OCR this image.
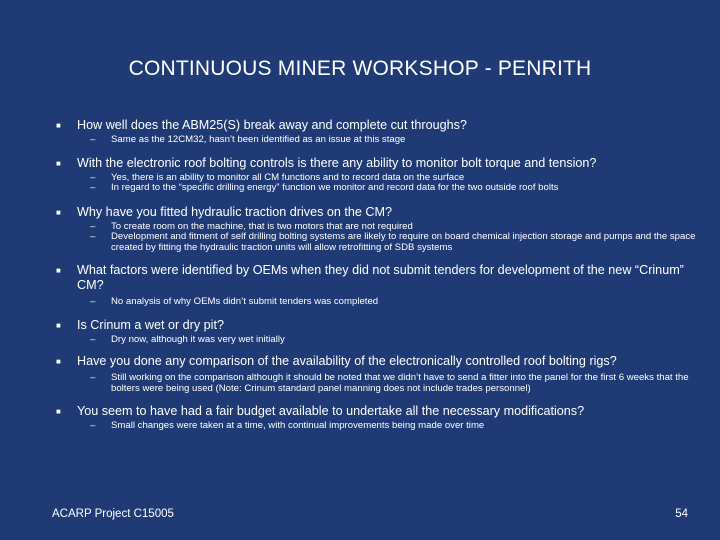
CONTINUOUS MINER WORKSHOP - PENRITH
■ How well does the ABM25(S) break away and complete cut throughs?
– Same as the 12CM32, hasn’t been identified as an issue at this stage
■ With the electronic roof bolting controls is there any ability to monitor bolt torque and tension?
– Yes, there is an ability to monitor all CM functions and to record data on the surface
– In regard to the “specific drilling energy” function we monitor and record data for the two outside roof bolts
■ Why have you fitted hydraulic traction drives on the CM?
– To create room on the machine, that is two motors that are not required
– Development and fitment of self drilling bolting systems are likely to require on board chemical injection storage and pumps and the space created by fitting the hydraulic traction units will allow retrofitting of SDB systems
■ What factors were identified by OEMs when they did not submit tenders for development of the new “Crinum” CM?
– No analysis of why OEMs didn’t submit tenders was completed
■ Is Crinum a wet or dry pit?
– Dry now, although it was very wet initially
■ Have you done any comparison of the availability of the electronically controlled roof bolting rigs?
– Still working on the comparison although it should be noted that we didn’t have to send a fitter into the panel for the first 6 weeks that the bolters were being used (Note: Crinum standard panel manning does not include trades personnel)
■ You seem to have had a fair budget available to undertake all the necessary modifications?
– Small changes were taken at a time, with continual improvements being made over time
ACARP Project C15005	54
